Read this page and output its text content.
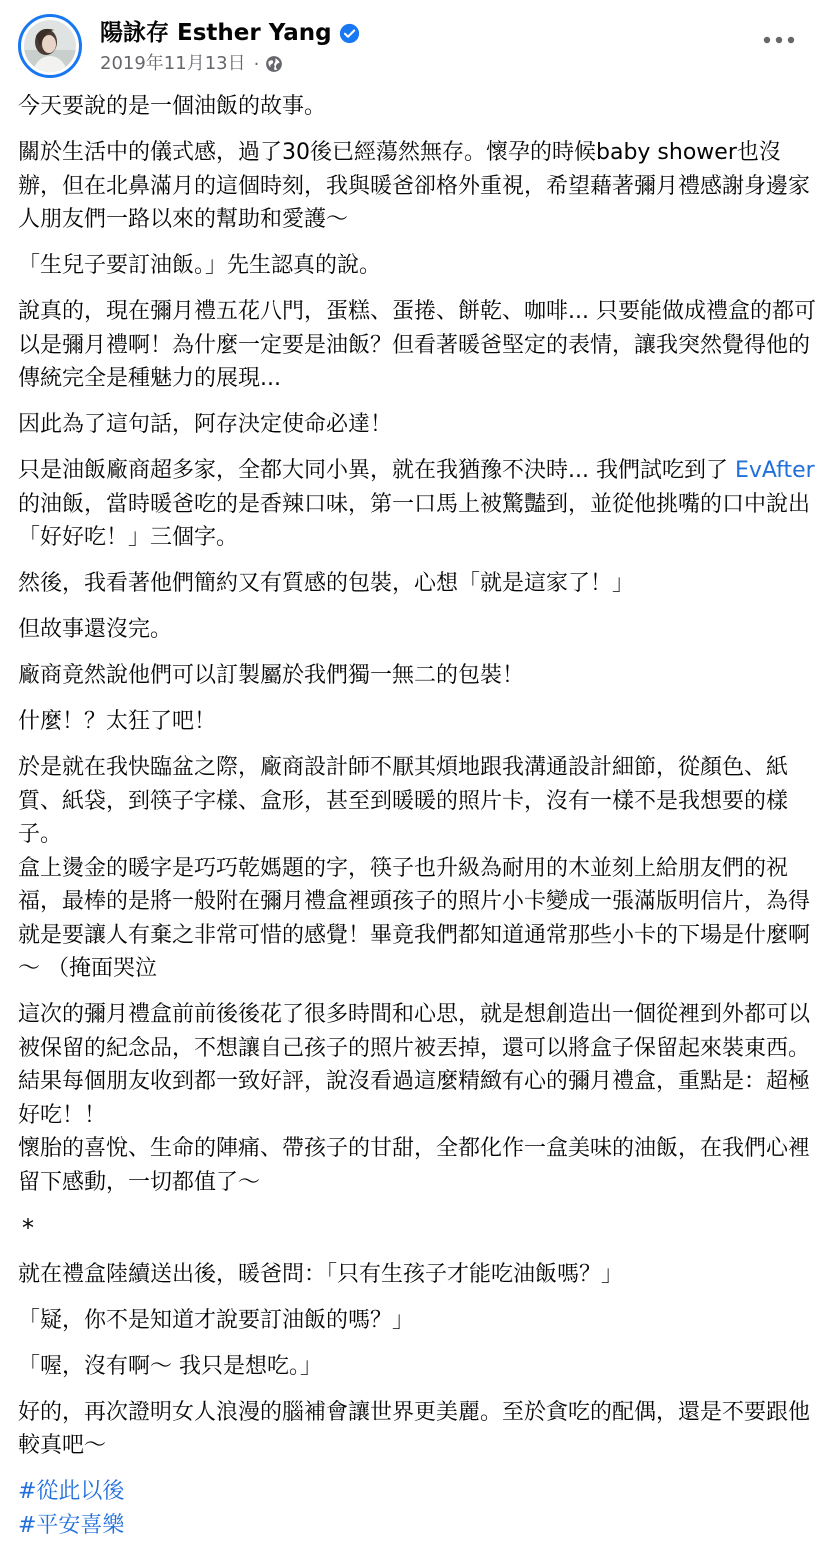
陽詠存 Esther Yang
2019年11月13日 ·
今天要說的是一個油飯的故事。
關於生活中的儀式感，過了30後已經蕩然無存。懷孕的時候baby shower也沒辦，但在北鼻滿月的這個時刻，我與暖爸卻格外重視，希望藉著彌月禮感謝身邊家人朋友們一路以來的幫助和愛護～
「生兒子要訂油飯。」先生認真的說。
說真的，現在彌月禮五花八門，蛋糕、蛋捲、餅乾、咖啡... 只要能做成禮盒的都可以是彌月禮啊！為什麼一定要是油飯？但看著暖爸堅定的表情，讓我突然覺得他的傳統完全是種魅力的展現...
因此為了這句話，阿存決定使命必達！
只是油飯廠商超多家，全都大同小異，就在我猶豫不決時... 我們試吃到了 EvAfter 的油飯，當時暖爸吃的是香辣口味，第一口馬上被驚豔到，並從他挑嘴的口中說出「好好吃！」三個字。
然後，我看著他們簡約又有質感的包裝，心想「就是這家了！」
但故事還沒完。
廠商竟然說他們可以訂製屬於我們獨一無二的包裝！
什麼！？太狂了吧！
於是就在我快臨盆之際，廠商設計師不厭其煩地跟我溝通設計細節，從顏色、紙質、紙袋，到筷子字樣、盒形，甚至到暖暖的照片卡，沒有一樣不是我想要的樣子。
盒上燙金的暖字是巧巧乾媽題的字，筷子也升級為耐用的木並刻上給朋友們的祝福，最棒的是將一般附在彌月禮盒裡頭孩子的照片小卡變成一張滿版明信片，為得就是要讓人有棄之非常可惜的感覺！畢竟我們都知道通常那些小卡的下場是什麼啊～ （掩面哭泣
這次的彌月禮盒前前後後花了很多時間和心思，就是想創造出一個從裡到外都可以被保留的紀念品，不想讓自己孩子的照片被丟掉，還可以將盒子保留起來裝東西。結果每個朋友收到都一致好評，說沒看過這麼精緻有心的彌月禮盒，重點是：超極好吃！！
懷胎的喜悅、生命的陣痛、帶孩子的甘甜，全都化作一盒美味的油飯，在我們心裡留下感動，一切都值了～
*
就在禮盒陸續送出後，暖爸問：「只有生孩子才能吃油飯嗎？」
「疑，你不是知道才說要訂油飯的嗎？」
「喔，沒有啊～ 我只是想吃。」
好的，再次證明女人浪漫的腦補會讓世界更美麗。至於貪吃的配偶，還是不要跟他較真吧～
#從此以後
#平安喜樂
